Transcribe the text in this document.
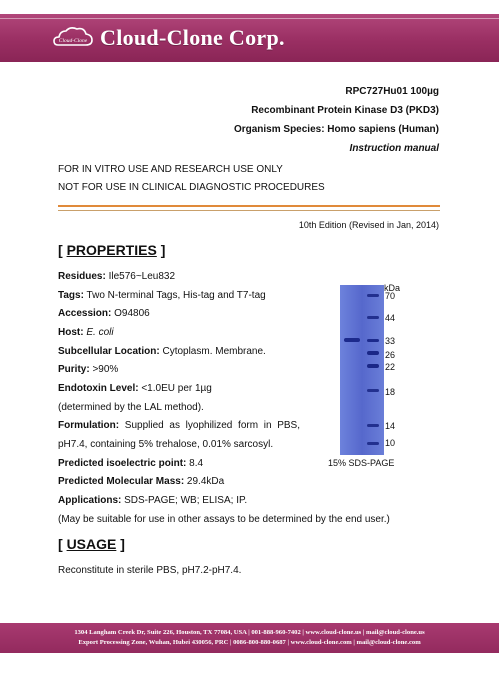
Cloud-Clone Cloud-Clone Corp.
RPC727Hu01 100µg
Recombinant Protein Kinase D3 (PKD3)
Organism Species: Homo sapiens (Human)
Instruction manual
FOR IN VITRO USE AND RESEARCH USE ONLY
NOT FOR USE IN CLINICAL DIAGNOSTIC PROCEDURES
10th Edition (Revised in Jan, 2014)
[ PROPERTIES ]
Residues: Ile576~Leu832
Tags: Two N-terminal Tags, His-tag and T7-tag
Accession: O94806
Host: E. coli
Subcellular Location: Cytoplasm. Membrane.
Purity: >90%
Endotoxin Level: <1.0EU per 1µg
(determined by the LAL method).
Formulation: Supplied as lyophilized form in PBS,
pH7.4, containing 5% trehalose, 0.01% sarcosyl.
Predicted isoelectric point: 8.4
Predicted Molecular Mass: 29.4kDa
Applications: SDS-PAGE; WB; ELISA; IP.
(May be suitable for use in other assays to be determined by the end user.)
kDa
70
44
33
26
22
18
14
10
15% SDS-PAGE
[ USAGE ]
Reconstitute in sterile PBS, pH7.2-pH7.4.
1304 Langham Creek Dr, Suite 226, Houston, TX 77084, USA | 001-888-960-7402 | www.cloud-clone.us | mail@cloud-clone.us
Export Processing Zone, Wuhan, Hubei 430056, PRC | 0086-800-880-0687 | www.cloud-clone.com | mail@cloud-clone.com
